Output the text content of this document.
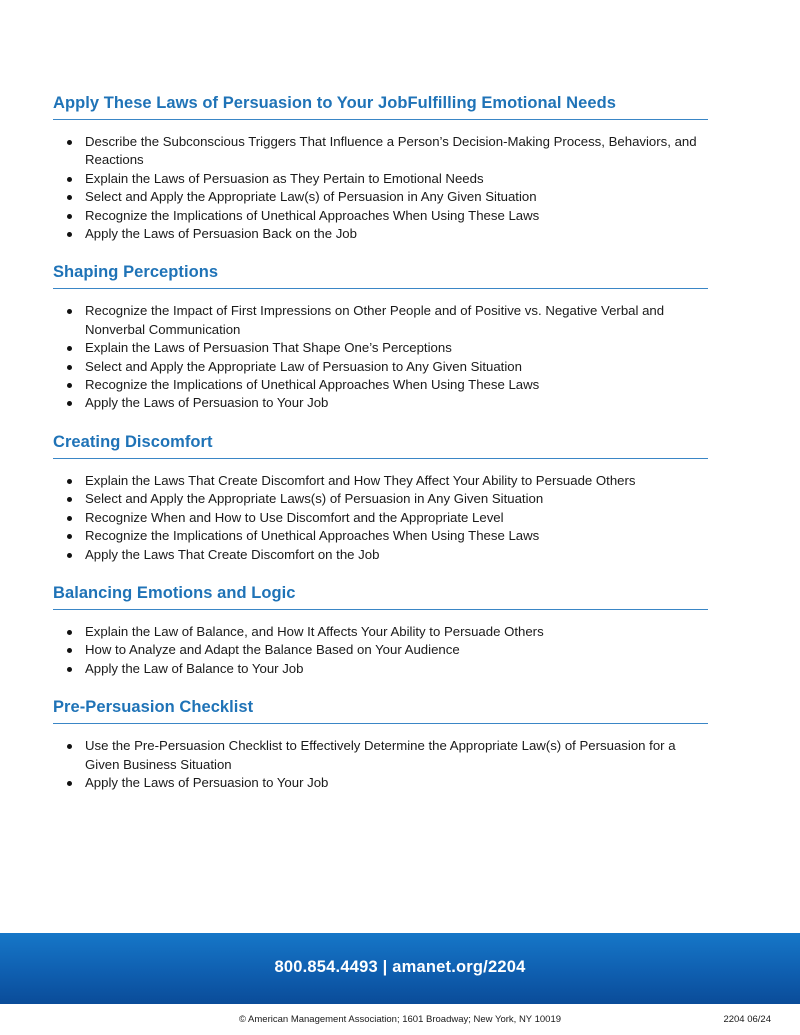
Apply These Laws of Persuasion to Your JobFulfilling Emotional Needs
Describe the Subconscious Triggers That Influence a Person’s Decision-Making Process, Behaviors, and Reactions
Explain the Laws of Persuasion as They Pertain to Emotional Needs
Select and Apply the Appropriate Law(s) of Persuasion in Any Given Situation
Recognize the Implications of Unethical Approaches When Using These Laws
Apply the Laws of Persuasion Back on the Job
Shaping Perceptions
Recognize the Impact of First Impressions on Other People and of Positive vs. Negative Verbal and Nonverbal Communication
Explain the Laws of Persuasion That Shape One’s Perceptions
Select and Apply the Appropriate Law of Persuasion to Any Given Situation
Recognize the Implications of Unethical Approaches When Using These Laws
Apply the Laws of Persuasion to Your Job
Creating Discomfort
Explain the Laws That Create Discomfort and How They Affect Your Ability to Persuade Others
Select and Apply the Appropriate Laws(s) of Persuasion in Any Given Situation
Recognize When and How to Use Discomfort and the Appropriate Level
Recognize the Implications of Unethical Approaches When Using These Laws
Apply the Laws That Create Discomfort on the Job
Balancing Emotions and Logic
Explain the Law of Balance, and How It Affects Your Ability to Persuade Others
How to Analyze and Adapt the Balance Based on Your Audience
Apply the Law of Balance to Your Job
Pre-Persuasion Checklist
Use the Pre-Persuasion Checklist to Effectively Determine the Appropriate Law(s) of Persuasion for a Given Business Situation
Apply the Laws of Persuasion to Your Job
800.854.4493 | amanet.org/2204
© American Management Association; 1601 Broadway; New York, NY 10019	2204 06/24
